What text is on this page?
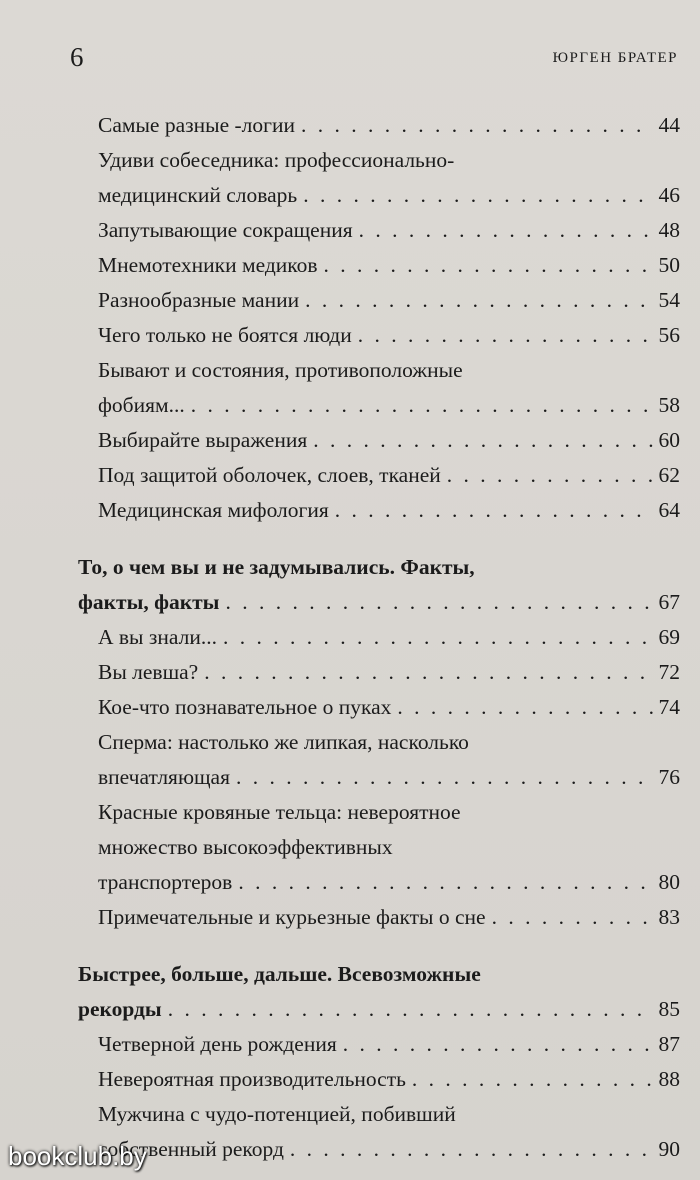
6	ЮРГЕН БРАТЕР
Самые разные -логии . . .	44
Удиви собеседника: профессионально-
медицинский словарь . . .	46
Запутывающие сокращения . . .	48
Мнемотехники медиков . . .	50
Разнообразные мании . . .	54
Чего только не боятся люди . . .	56
Бывают и состояния, противоположные
фобиям... . . .	58
Выбирайте выражения . . .	60
Под защитой оболочек, слоев, тканей . . .	62
Медицинская мифология . . .	64
То, о чем вы и не задумывались. Факты,
факты, факты . . .	67
А вы знали... . . .	69
Вы левша? . . .	72
Кое-что познавательное о пуках . . .	74
Сперма: настолько же липкая, насколько
впечатляющая . . .	76
Красные кровяные тельца: невероятное
множество высокоэффективных
транспортеров . . .	80
Примечательные и курьезные факты о сне . . .	83
Быстрее, больше, дальше. Всевозможные
рекорды . . .	85
Четверной день рождения . . .	87
Невероятная производительность . . .	88
Мужчина с чудо-потенцией, побивший
собственный рекорд . . .	90
bookclub.by
